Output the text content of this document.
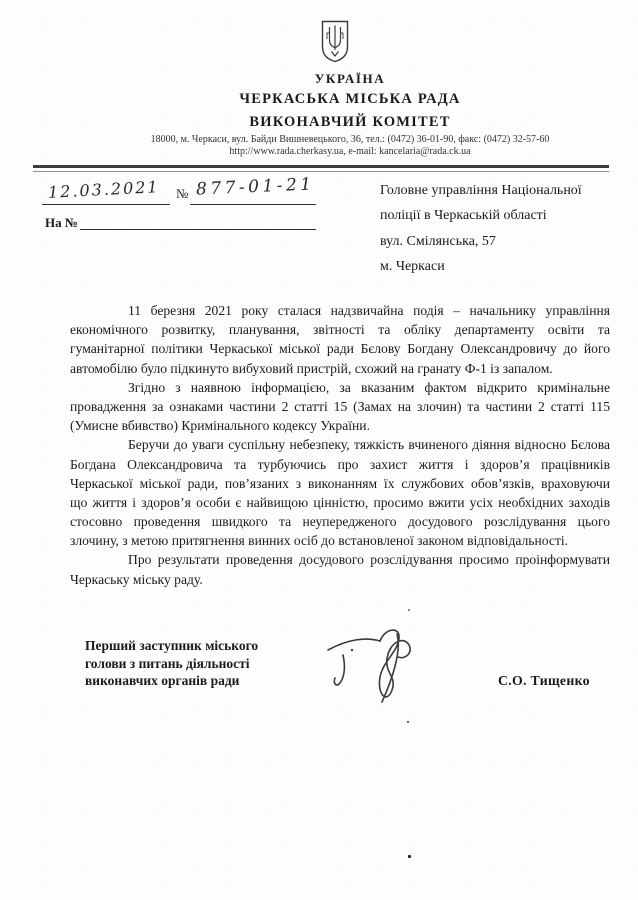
УКРАЇНА
ЧЕРКАСЬКА МІСЬКА РАДА
ВИКОНАВЧИЙ КОМІТЕТ
18000, м. Черкаси, вул. Байди Вишневецького, 36, тел.: (0472) 36-01-90, факс: (0472) 32-57-60
http://www.rada.cherkasy.ua, e-mail: kancelaria@rada.ck.ua
12.03.2021 № 877-01-21
На №
Головне управління Національної
поліції в Черкаській області
вул. Смілянська, 57
м. Черкаси
11 березня 2021 року сталася надзвичайна подія – начальнику управління
економічного розвитку, планування, звітності та обліку департаменту освіти та
гуманітарної політики Черкаської міської ради Бєлову Богдану Олександровичу до його
автомобілю було підкинуто вибуховий пристрій, схожий на гранату Ф-1 із запалом.
Згідно з наявною інформацією, за вказаним фактом відкрито кримінальне
провадження за ознаками частини 2 статті 15 (Замах на злочин) та частини 2 статті 115
(Умисне вбивство) Кримінального кодексу України.
Беручи до уваги суспільну небезпеку, тяжкість вчиненого діяння відносно Бєлова
Богдана Олександровича та турбуючись про захист життя і здоров’я працівників
Черкаської міської ради, пов’язаних з виконанням їх службових обов’язків, враховуючи
що життя і здоров’я особи є найвищою цінністю, просимо вжити усіх необхідних заходів
стосовно проведення швидкого та неупередженого досудового розслідування цього
злочину, з метою притягнення винних осіб до встановленої законом відповідальності.
Про результати проведення досудового розслідування просимо проінформувати
Черкаську міську раду.
Перший заступник міського
голови з питань діяльності
виконавчих органів ради	С.О. Тищенко
